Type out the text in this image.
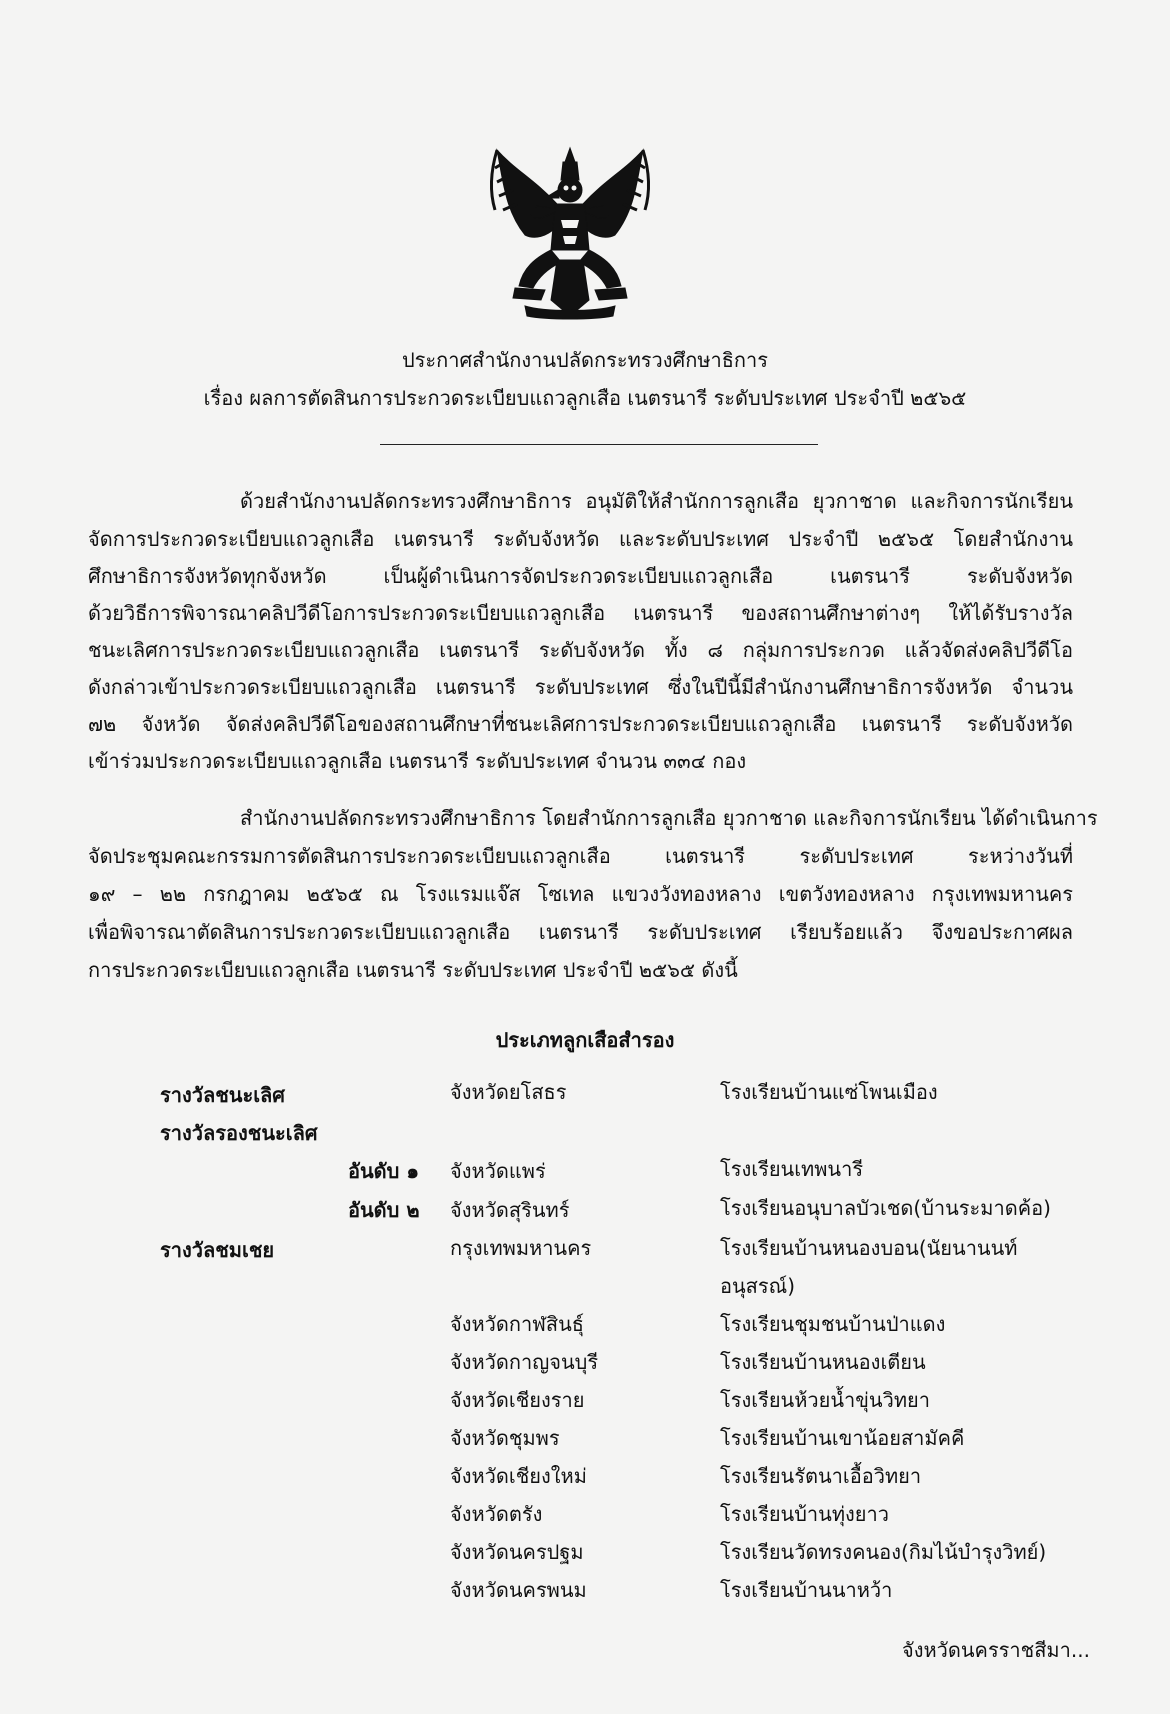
ประกาศสำนักงานปลัดกระทรวงศึกษาธิการ
เรื่อง ผลการตัดสินการประกวดระเบียบแถวลูกเสือ เนตรนารี ระดับประเทศ ประจำปี ๒๕๖๕
ด้วยสำนักงานปลัดกระทรวงศึกษาธิการ อนุมัติให้สำนักการลูกเสือ ยุวกาชาด และกิจการนักเรียน
จัดการประกวดระเบียบแถวลูกเสือ เนตรนารี ระดับจังหวัด และระดับประเทศ ประจำปี ๒๕๖๕ โดยสำนักงาน
ศึกษาธิการจังหวัดทุกจังหวัด เป็นผู้ดำเนินการจัดประกวดระเบียบแถวลูกเสือ เนตรนารี ระดับจังหวัด
ด้วยวิธีการพิจารณาคลิปวีดีโอการประกวดระเบียบแถวลูกเสือ เนตรนารี ของสถานศึกษาต่างๆ ให้ได้รับรางวัล
ชนะเลิศการประกวดระเบียบแถวลูกเสือ เนตรนารี ระดับจังหวัด ทั้ง ๘ กลุ่มการประกวด แล้วจัดส่งคลิปวีดีโอ
ดังกล่าวเข้าประกวดระเบียบแถวลูกเสือ เนตรนารี ระดับประเทศ ซึ่งในปีนี้มีสำนักงานศึกษาธิการจังหวัด จำนวน
๗๒ จังหวัด จัดส่งคลิปวีดีโอของสถานศึกษาที่ชนะเลิศการประกวดระเบียบแถวลูกเสือ เนตรนารี ระดับจังหวัด
เข้าร่วมประกวดระเบียบแถวลูกเสือ เนตรนารี ระดับประเทศ จำนวน ๓๓๔ กอง
สำนักงานปลัดกระทรวงศึกษาธิการ โดยสำนักการลูกเสือ ยุวกาชาด และกิจการนักเรียน ได้ดำเนินการ
จัดประชุมคณะกรรมการตัดสินการประกวดระเบียบแถวลูกเสือ เนตรนารี ระดับประเทศ ระหว่างวันที่
๑๙ – ๒๒ กรกฎาคม ๒๕๖๕ ณ โรงแรมแจ๊ส โซเทล แขวงวังทองหลาง เขตวังทองหลาง กรุงเทพมหานคร
เพื่อพิจารณาตัดสินการประกวดระเบียบแถวลูกเสือ เนตรนารี ระดับประเทศ เรียบร้อยแล้ว จึงขอประกาศผล
การประกวดระเบียบแถวลูกเสือ เนตรนารี ระดับประเทศ ประจำปี ๒๕๖๕ ดังนี้
ประเภทลูกเสือสำรอง
รางวัลชนะเลิศ	จังหวัดยโสธร	โรงเรียนบ้านแซ่โพนเมือง
รางวัลรองชนะเลิศ
อันดับ ๑ จังหวัดแพร่	โรงเรียนเทพนารี
อันดับ ๒ จังหวัดสุรินทร์	โรงเรียนอนุบาลบัวเชด(บ้านระมาดค้อ)
รางวัลชมเชย	กรุงเทพมหานคร	โรงเรียนบ้านหนองบอน(นัยนานนท์
อนุสรณ์)
จังหวัดกาฬสินธุ์	โรงเรียนชุมชนบ้านป่าแดง
จังหวัดกาญจนบุรี	โรงเรียนบ้านหนองเตียน
จังหวัดเชียงราย	โรงเรียนห้วยน้ำขุ่นวิทยา
จังหวัดชุมพร	โรงเรียนบ้านเขาน้อยสามัคคี
จังหวัดเชียงใหม่	โรงเรียนรัตนาเอื้อวิทยา
จังหวัดตรัง	โรงเรียนบ้านทุ่งยาว
จังหวัดนครปฐม	โรงเรียนวัดทรงคนอง(กิมไน้บำรุงวิทย์)
จังหวัดนครพนม	โรงเรียนบ้านนาหว้า
จังหวัดนครราชสีมา...
